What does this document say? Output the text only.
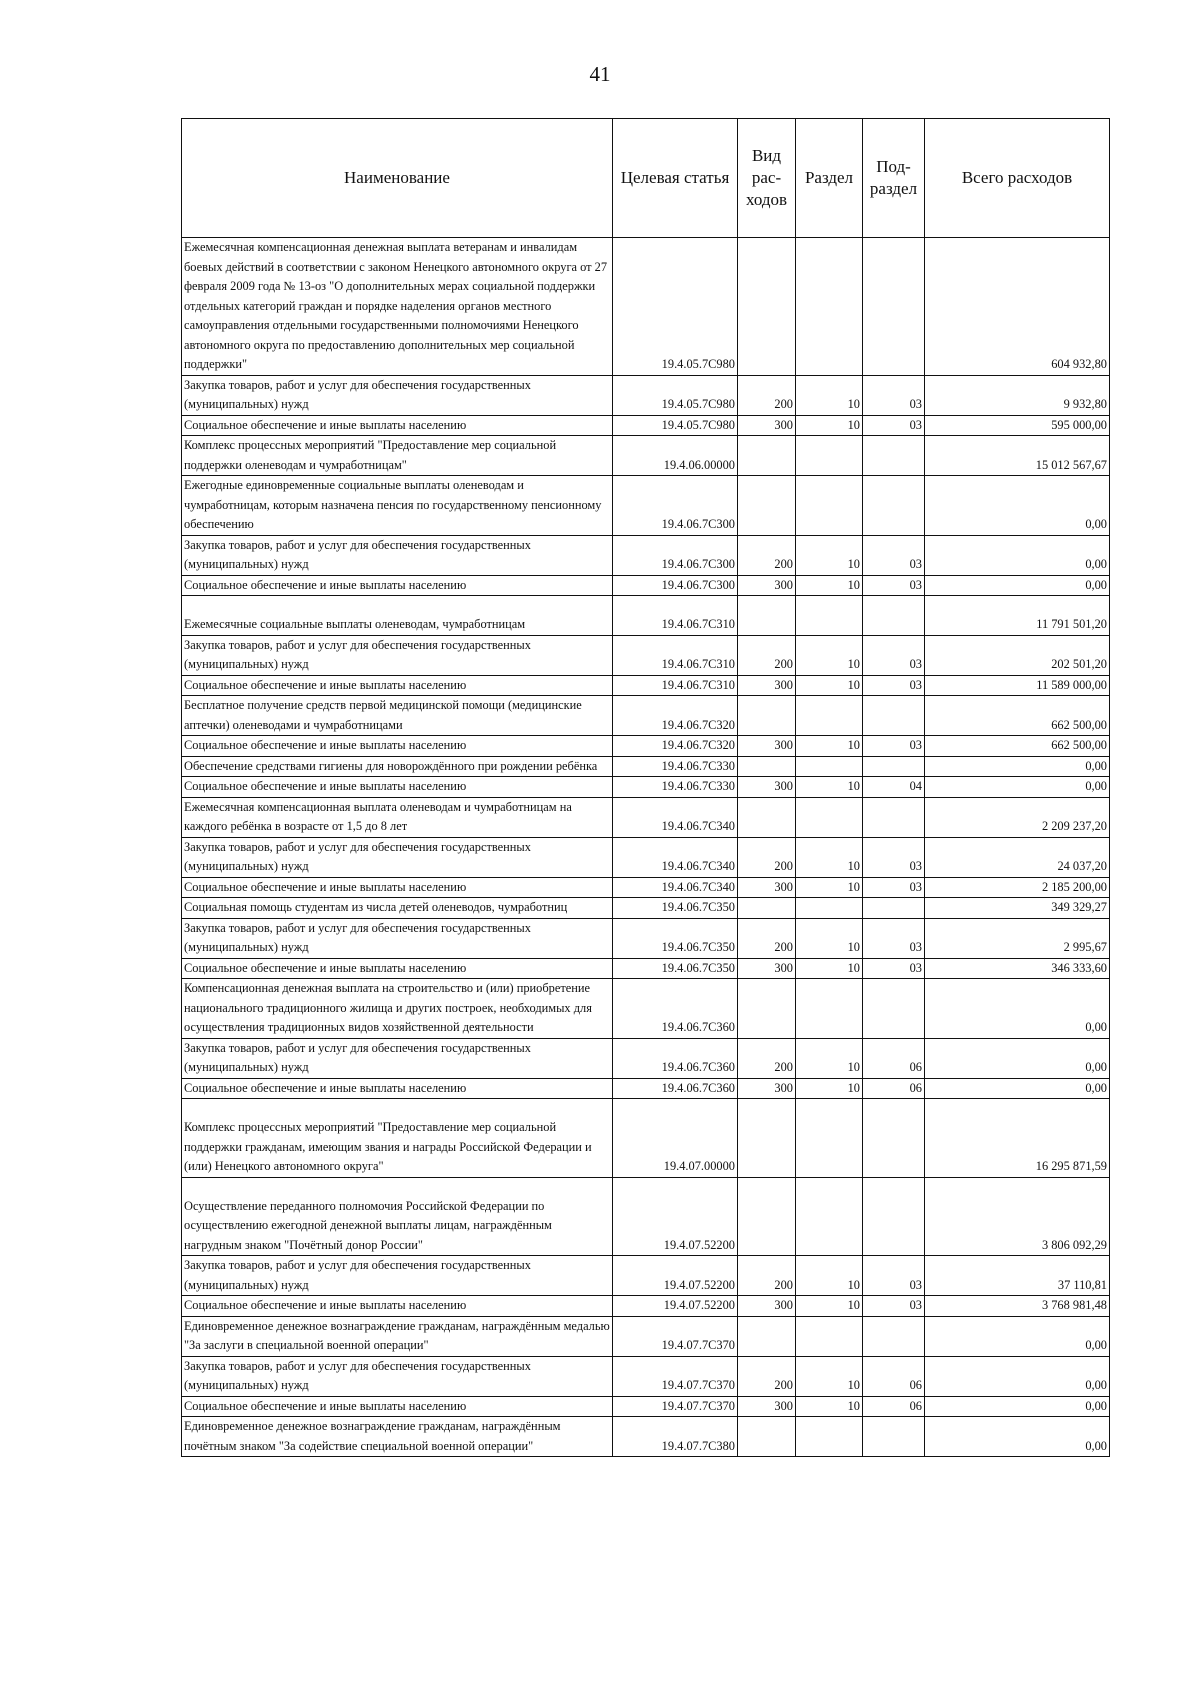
41
Наименование	Целевая статья	Вид рас- ходов	Раздел	Под- раздел	Всего расходов
Ежемесячная компенсационная денежная выплата ветеранам и инвалидам боевых действий в соответствии с законом Ненецкого автономного округа от 27 февраля 2009 года № 13-оз "О дополнительных мерах социальной поддержки отдельных категорий граждан и порядке наделения органов местного самоуправления отдельными государственными полномочиями Ненецкого автономного округа по предоставлению дополнительных мер социальной поддержки"	19.4.05.7С980				604 932,80
Закупка товаров, работ и услуг для обеспечения государственных (муниципальных) нужд	19.4.05.7С980	200	10	03	9 932,80
Социальное обеспечение и иные выплаты населению	19.4.05.7С980	300	10	03	595 000,00
Комплекс процессных мероприятий "Предоставление мер социальной поддержки оленеводам и чумработницам"	19.4.06.00000				15 012 567,67
Ежегодные единовременные социальные выплаты оленеводам и чумработницам, которым назначена пенсия по государственному пенсионному обеспечению	19.4.06.7С300				0,00
Закупка товаров, работ и услуг для обеспечения государственных (муниципальных) нужд	19.4.06.7С300	200	10	03	0,00
Социальное обеспечение и иные выплаты населению	19.4.06.7С300	300	10	03	0,00
Ежемесячные социальные выплаты оленеводам, чумработницам	19.4.06.7С310				11 791 501,20
Закупка товаров, работ и услуг для обеспечения государственных (муниципальных) нужд	19.4.06.7С310	200	10	03	202 501,20
Социальное обеспечение и иные выплаты населению	19.4.06.7С310	300	10	03	11 589 000,00
Бесплатное получение средств первой медицинской помощи (медицинские аптечки) оленеводами и чумработницами	19.4.06.7С320				662 500,00
Социальное обеспечение и иные выплаты населению	19.4.06.7С320	300	10	03	662 500,00
Обеспечение средствами гигиены для новорождённого при рождении ребёнка	19.4.06.7С330				0,00
Социальное обеспечение и иные выплаты населению	19.4.06.7С330	300	10	04	0,00
Ежемесячная компенсационная выплата оленеводам и чумработницам на каждого ребёнка в возрасте от 1,5 до 8 лет	19.4.06.7С340				2 209 237,20
Закупка товаров, работ и услуг для обеспечения государственных (муниципальных) нужд	19.4.06.7С340	200	10	03	24 037,20
Социальное обеспечение и иные выплаты населению	19.4.06.7С340	300	10	03	2 185 200,00
Социальная помощь студентам из числа детей оленеводов, чумработниц	19.4.06.7С350				349 329,27
Закупка товаров, работ и услуг для обеспечения государственных (муниципальных) нужд	19.4.06.7С350	200	10	03	2 995,67
Социальное обеспечение и иные выплаты населению	19.4.06.7С350	300	10	03	346 333,60
Компенсационная денежная выплата на строительство и (или) приобретение национального традиционного жилища и других построек, необходимых для осуществления традиционных видов хозяйственной деятельности	19.4.06.7С360				0,00
Закупка товаров, работ и услуг для обеспечения государственных (муниципальных) нужд	19.4.06.7С360	200	10	06	0,00
Социальное обеспечение и иные выплаты населению	19.4.06.7С360	300	10	06	0,00
Комплекс процессных мероприятий "Предоставление мер социальной поддержки гражданам, имеющим звания и награды Российской Федерации и (или) Ненецкого автономного округа"	19.4.07.00000				16 295 871,59
Осуществление переданного полномочия Российской Федерации по осуществлению ежегодной денежной выплаты лицам, награждённым нагрудным знаком "Почётный донор России"	19.4.07.52200				3 806 092,29
Закупка товаров, работ и услуг для обеспечения государственных (муниципальных) нужд	19.4.07.52200	200	10	03	37 110,81
Социальное обеспечение и иные выплаты населению	19.4.07.52200	300	10	03	3 768 981,48
Единовременное денежное вознаграждение гражданам, награждённым медалью "За заслуги в специальной военной операции"	19.4.07.7С370				0,00
Закупка товаров, работ и услуг для обеспечения государственных (муниципальных) нужд	19.4.07.7С370	200	10	06	0,00
Социальное обеспечение и иные выплаты населению	19.4.07.7С370	300	10	06	0,00
Единовременное денежное вознаграждение гражданам, награждённым почётным знаком "За содействие специальной военной операции"	19.4.07.7С380				0,00
